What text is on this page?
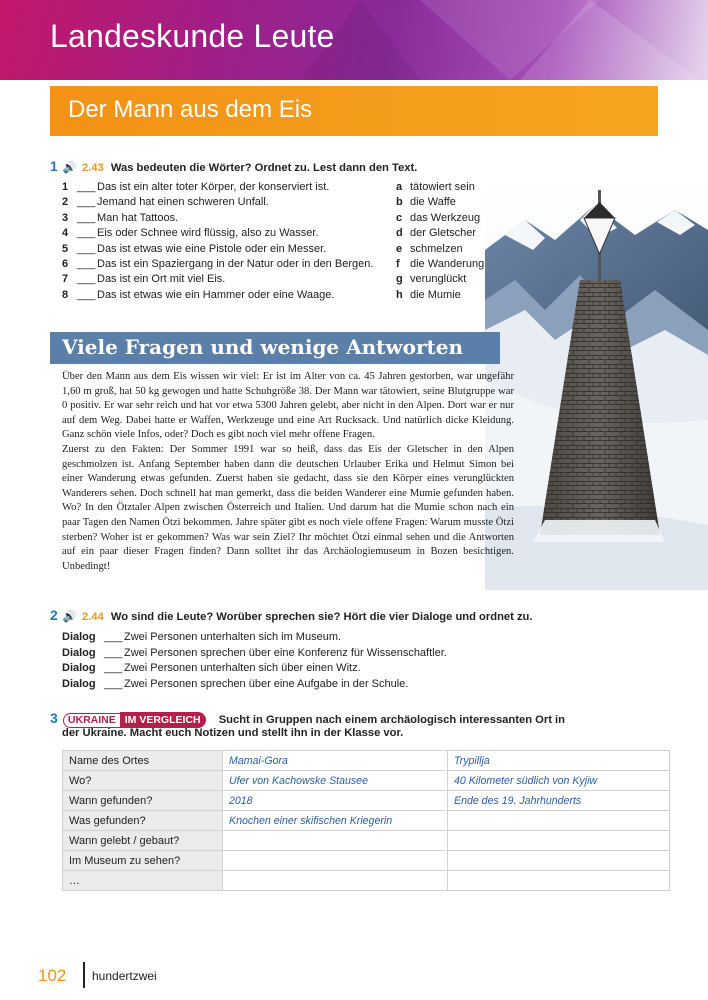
Landeskunde Leute
Der Mann aus dem Eis
1 🔊 2.43 Was bedeuten die Wörter? Ordnet zu. Lest dann den Text.
1 ___ Das ist ein alter toter Körper, der konserviert ist.	a tätowiert sein
2 ___ Jemand hat einen schweren Unfall.	b die Waffe
3 ___ Man hat Tattoos.	c das Werkzeug
4 ___ Eis oder Schnee wird flüssig, also zu Wasser.	d der Gletscher
5 ___ Das ist etwas wie eine Pistole oder ein Messer.	e schmelzen
6 ___ Das ist ein Spaziergang in der Natur oder in den Bergen. f die Wanderung
7 ___ Das ist ein Ort mit viel Eis.	g verunglückt
8 ___ Das ist etwas wie ein Hammer oder eine Waage.	h die Mumie
Viele Fragen und wenige Antworten
Über den Mann aus dem Eis wissen wir viel: Er ist im Alter von ca. 45 Jahren gestorben, war ungefähr 1,60 m groß, hat 50 kg gewogen und hatte Schuhgröße 38. Der Mann war tätowiert, seine Blutgruppe war 0 positiv. Er war sehr reich und hat vor etwa 5300 Jahren gelebt, aber nicht in den Alpen. Dort war er nur auf dem Weg. Dabei hatte er Waffen, Werkzeuge und eine Art Rucksack. Und natürlich dicke Kleidung. Ganz schön viele Infos, oder? Doch es gibt noch viel mehr offene Fragen.
Zuerst zu den Fakten: Der Sommer 1991 war so heiß, dass das Eis der Gletscher in den Alpen geschmolzen ist. Anfang September haben dann die deutschen Urlauber Erika und Helmut Simon bei einer Wanderung etwas gefunden. Zuerst haben sie gedacht, dass sie den Körper eines verunglückten Wanderers sehen. Doch schnell hat man gemerkt, dass die beiden Wanderer eine Mumie gefunden haben. Wo? In den Ötztaler Alpen zwischen Österreich und Italien. Und darum hat die Mumie schon nach ein paar Tagen den Namen Ötzi bekommen. Jahre später gibt es noch viele offene Fragen: Warum musste Ötzi sterben? Woher ist er gekommen? Was war sein Ziel? Ihr möchtet Ötzi einmal sehen und die Antworten auf ein paar dieser Fragen finden? Dann solltet ihr das Archäologiemuseum in Bozen besichtigen. Unbedingt!
2 🔊 2.44 Wo sind die Leute? Worüber sprechen sie? Hört die vier Dialoge und ordnet zu.
Dialog ___ Zwei Personen unterhalten sich im Museum.
Dialog ___ Zwei Personen sprechen über eine Konferenz für Wissenschaftler.
Dialog ___ Zwei Personen unterhalten sich über einen Witz.
Dialog ___ Zwei Personen sprechen über eine Aufgabe in der Schule.
3 UKRAINE IM VERGLEICH Sucht in Gruppen nach einem archäologisch interessanten Ort in
der Ukraine. Macht euch Notizen und stellt ihn in der Klasse vor.
Name des Ortes	Mamai-Gora	Trypillja
Wo?	Ufer von Kachowske Stausee	40 Kilometer südlich von Kyjiw
Wann gefunden?	2018	Ende des 19. Jahrhunderts
Was gefunden?	Knochen einer skifischen Kriegerin	
Wann gelebt / gebaut?		
Im Museum zu sehen?		
…		
102 hundertzwei
